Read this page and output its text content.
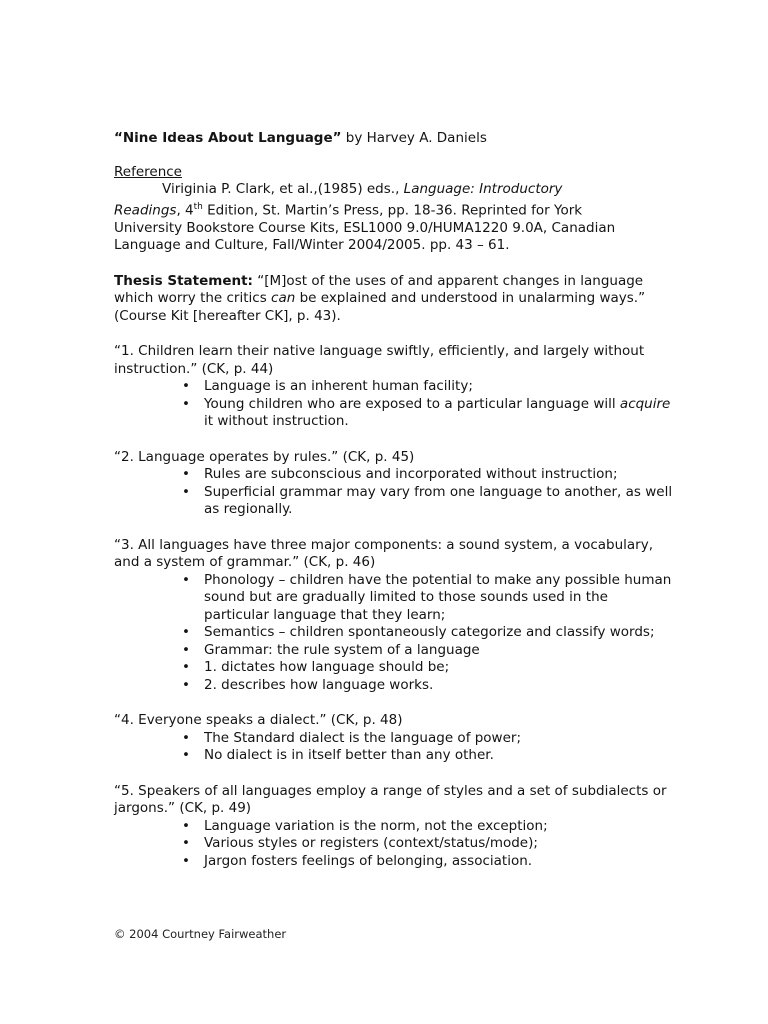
“Nine Ideas About Language” by Harvey A. Daniels

Reference

Viriginia P. Clark, et al.,(1985) eds., Language: Introductory

Readings, 4th Edition, St. Martin’s Press, pp. 18-36. Reprinted for York

University Bookstore Course Kits, ESL1000 9.0/HUMA1220 9.0A, Canadian

Language and Culture, Fall/Winter 2004/2005. pp. 43 – 61.

Thesis Statement: “[M]ost of the uses of and apparent changes in language which worry the critics can be explained and understood in unalarming ways.” (Course Kit [hereafter CK], p. 43).

“1. Children learn their native language swiftly, efficiently, and largely without instruction.” (CK, p. 44)

• Language is an inherent human facility;
• Young children who are exposed to a particular language will acquire it without instruction.

“2. Language operates by rules.” (CK, p. 45)

• Rules are subconscious and incorporated without instruction;
• Superficial grammar may vary from one language to another, as well as regionally.

“3. All languages have three major components: a sound system, a vocabulary, and a system of grammar.” (CK, p. 46)

• Phonology – children have the potential to make any possible human sound but are gradually limited to those sounds used in the particular language that they learn;
• Semantics – children spontaneously categorize and classify words;
• Grammar: the rule system of a language
• 1. dictates how language should be;
• 2. describes how language works.

“4. Everyone speaks a dialect.” (CK, p. 48)

• The Standard dialect is the language of power;
• No dialect is in itself better than any other.

“5. Speakers of all languages employ a range of styles and a set of subdialects or jargons.” (CK, p. 49)

• Language variation is the norm, not the exception;
• Various styles or registers (context/status/mode);
• Jargon fosters feelings of belonging, association.
© 2004 Courtney Fairweather
